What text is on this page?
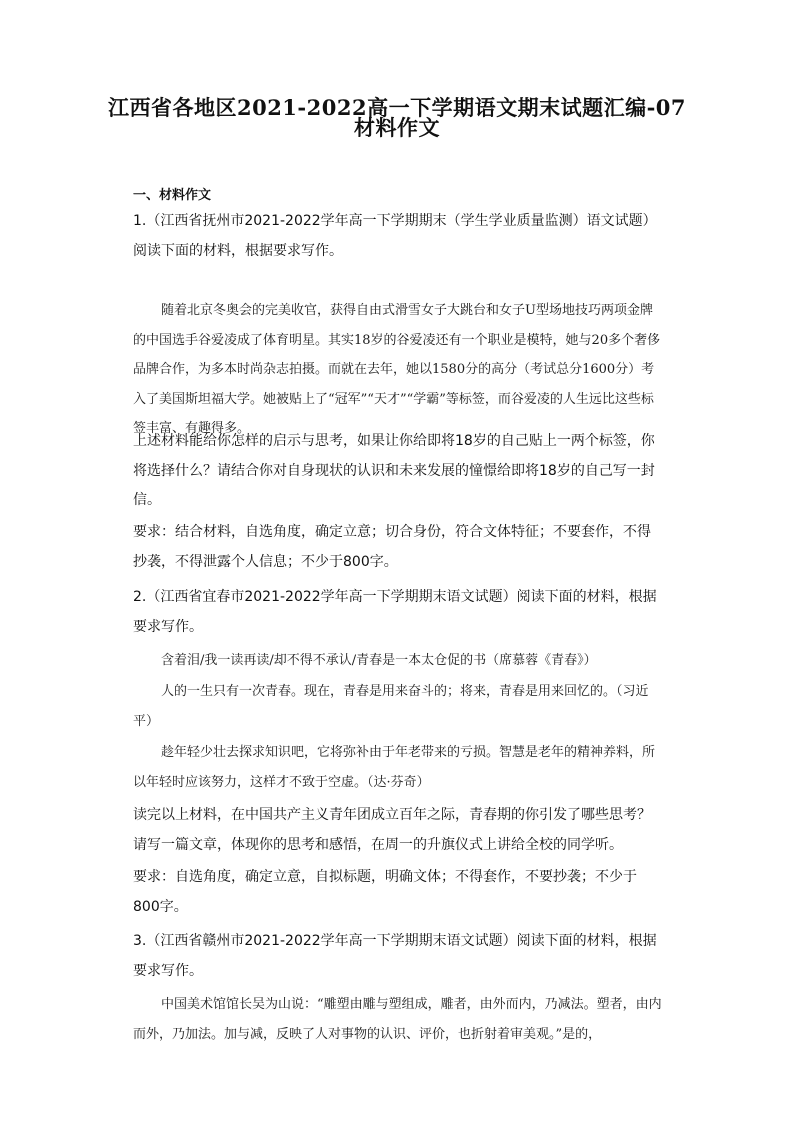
江西省各地区2021-2022高一下学期语文期末试题汇编-07
材料作文
一、材料作文

1.（江西省抚州市2021-2022学年高一下学期期末（学生学业质量监测）语文试题）阅读下面的材料，根据要求写作。

随着北京冬奥会的完美收官，获得自由式滑雪女子大跳台和女子U型场地技巧两项金牌的中国选手谷爱凌成了体育明星。其实18岁的谷爱凌还有一个职业是模特，她与20多个奢侈品牌合作，为多本时尚杂志拍摄。而就在去年，她以1580分的高分（考试总分1600分）考入了美国斯坦福大学。她被贴上了“冠军”“天才”“学霸”等标签，而谷爱凌的人生远比这些标签丰富、有趣得多。

上述材料能给你怎样的启示与思考，如果让你给即将18岁的自己贴上一两个标签，你将选择什么？请结合你对自身现状的认识和未来发展的憧憬给即将18岁的自己写一封信。

要求：结合材料，自选角度，确定立意；切合身份，符合文体特征；不要套作，不得抄袭，不得泄露个人信息；不少于800字。

2.（江西省宜春市2021-2022学年高一下学期期末语文试题）阅读下面的材料，根据要求写作。

含着泪/我一读再读/却不得不承认/青春是一本太仓促的书（席慕蓉《青春》）

人的一生只有一次青春。现在，青春是用来奋斗的；将来，青春是用来回忆的。（习近平）

趁年轻少壮去探求知识吧，它将弥补由于年老带来的亏损。智慧是老年的精神养料，所以年轻时应该努力，这样才不致于空虚。（达·芬奇）

读完以上材料，在中国共产主义青年团成立百年之际，青春期的你引发了哪些思考？请写一篇文章，体现你的思考和感悟，在周一的升旗仪式上讲给全校的同学听。

要求：自选角度，确定立意，自拟标题，明确文体；不得套作，不要抄袭；不少于800字。

3.（江西省赣州市2021-2022学年高一下学期期末语文试题）阅读下面的材料，根据要求写作。

中国美术馆馆长吴为山说：“雕塑由雕与塑组成，雕者，由外而内，乃减法。塑者，由内而外，乃加法。加与减，反映了人对事物的认识、评价，也折射着审美观。”是的，
